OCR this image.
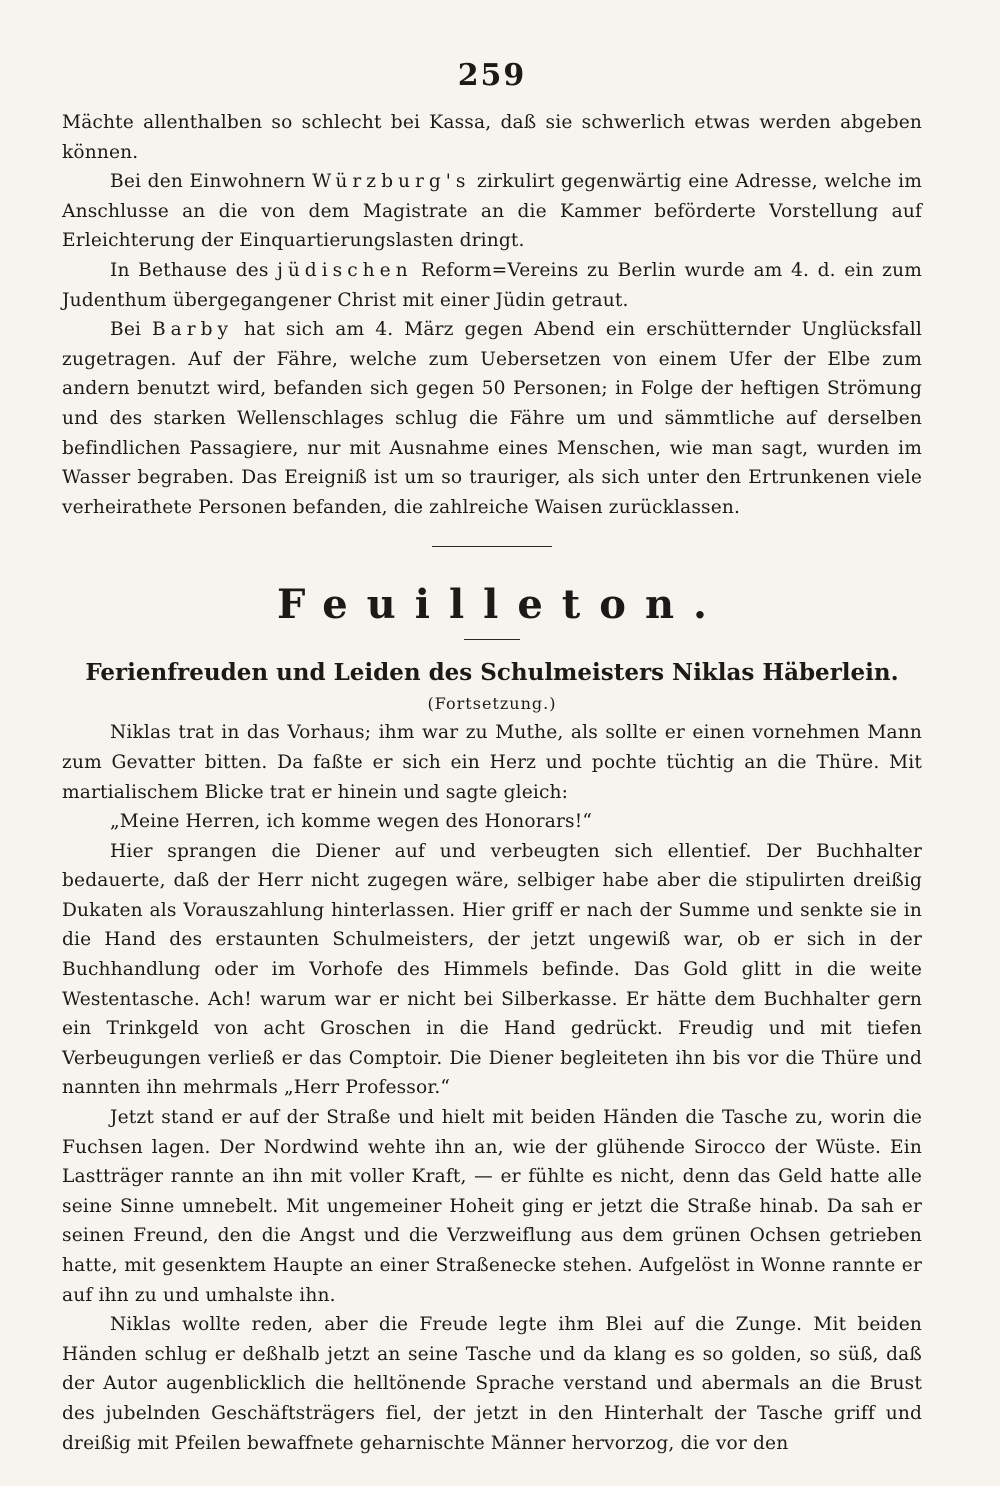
259

Mächte allenthalben so schlecht bei Kassa, daß sie schwerlich etwas werden abgeben können.

Bei den Einwohnern Würzburg's zirkulirt gegenwärtig eine Adresse, welche im Anschlusse an die von dem Magistrate an die Kammer beförderte Vorstellung auf Erleichterung der Einquartierungslasten dringt.

In Bethause des jüdischen Reform=Vereins zu Berlin wurde am 4. d. ein zum Judenthum übergegangener Christ mit einer Jüdin getraut.

Bei Barby hat sich am 4. März gegen Abend ein erschütternder Unglücksfall zugetragen. Auf der Fähre, welche zum Uebersetzen von einem Ufer der Elbe zum andern benutzt wird, befanden sich gegen 50 Personen; in Folge der heftigen Strömung und des starken Wellenschlages schlug die Fähre um und sämmtliche auf derselben befindlichen Passagiere, nur mit Ausnahme eines Menschen, wie man sagt, wurden im Wasser begraben. Das Ereigniß ist um so trauriger, als sich unter den Ertrunkenen viele verheirathete Personen befanden, die zahlreiche Waisen zurücklassen.

Feuilleton.
Ferienfreuden und Leiden des Schulmeisters Niklas Häberlein.
(Fortsetzung.)

Niklas trat in das Vorhaus; ihm war zu Muthe, als sollte er einen vornehmen Mann zum Gevatter bitten. Da faßte er sich ein Herz und pochte tüchtig an die Thüre. Mit martialischem Blicke trat er hinein und sagte gleich:

„Meine Herren, ich komme wegen des Honorars!“

Hier sprangen die Diener auf und verbeugten sich ellentief. Der Buchhalter bedauerte, daß der Herr nicht zugegen wäre, selbiger habe aber die stipulirten dreißig Dukaten als Vorauszahlung hinterlassen. Hier griff er nach der Summe und senkte sie in die Hand des erstaunten Schulmeisters, der jetzt ungewiß war, ob er sich in der Buchhandlung oder im Vorhofe des Himmels befinde. Das Gold glitt in die weite Westentasche. Ach! warum war er nicht bei Silberkasse. Er hätte dem Buchhalter gern ein Trinkgeld von acht Groschen in die Hand gedrückt. Freudig und mit tiefen Verbeugungen verließ er das Comptoir. Die Diener begleiteten ihn bis vor die Thüre und nannten ihn mehrmals „Herr Professor.“

Jetzt stand er auf der Straße und hielt mit beiden Händen die Tasche zu, worin die Fuchsen lagen. Der Nordwind wehte ihn an, wie der glühende Sirocco der Wüste. Ein Lastträger rannte an ihn mit voller Kraft, — er fühlte es nicht, denn das Geld hatte alle seine Sinne umnebelt. Mit ungemeiner Hoheit ging er jetzt die Straße hinab. Da sah er seinen Freund, den die Angst und die Verzweiflung aus dem grünen Ochsen getrieben hatte, mit gesenktem Haupte an einer Straßenecke stehen. Aufgelöst in Wonne rannte er auf ihn zu und umhalste ihn.

Niklas wollte reden, aber die Freude legte ihm Blei auf die Zunge. Mit beiden Händen schlug er deßhalb jetzt an seine Tasche und da klang es so golden, so süß, daß der Autor augenblicklich die helltönende Sprache verstand und abermals an die Brust des jubelnden Geschäftsträgers fiel, der jetzt in den Hinterhalt der Tasche griff und dreißig mit Pfeilen bewaffnete geharnischte Männer hervorzog, die vor den
